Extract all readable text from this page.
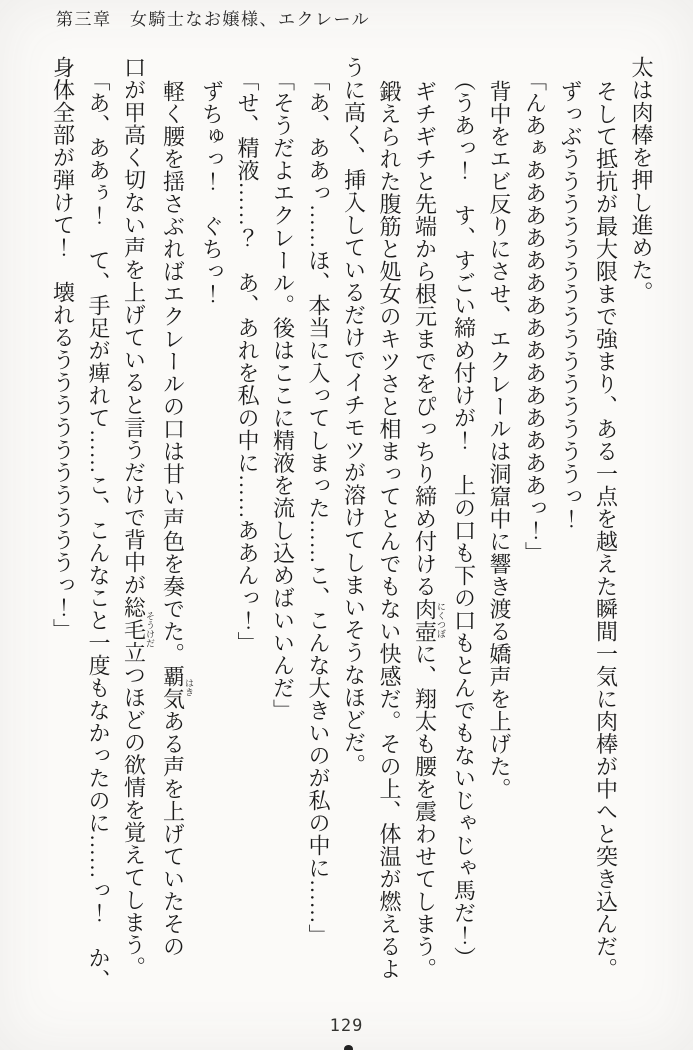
第三章　女騎士なお嬢様、エクレール
太は肉棒を押し進めた。
そして抵抗が最大限まで強まり、ある一点を越えた瞬間一気に肉棒が中へと突き込んだ。
ずっぶうううううううううううううううっ！
「んあぁあああああああああああああああっ！」
背中をエビ反りにさせ、エクレールは洞窟中に響き渡る嬌声を上げた。
（うあっ！　す、すごい締め付けが！　上の口も下の口もとんでもないじゃじゃ馬だ！）
ギチギチと先端から根元までをぴっちり締め付ける肉壺にくつぼに、翔太も腰を震わせてしまう。
鍛えられた腹筋と処女のキツさと相まってとんでもない快感だ。その上、体温が燃えるよ
うに高く、挿入しているだけでイチモツが溶けてしまいそうなほどだ。
「あ、ああっ……ほ、本当に入ってしまった……こ、こんな大きいのが私の中に……」
「そうだよエクレール。後はここに精液を流し込めばいいんだ」
「せ、精液……？　あ、あれを私の中に……ああんっ！」
ずちゅっ！　ぐちっ！
軽く腰を揺さぶればエクレールの口は甘い声色を奏でた。覇気はきある声を上げていたその
口が甲高く切ない声を上げていると言うだけで背中が総毛立そうけだつほどの欲情を覚えてしまう。
「あ、ああぅ！　て、手足が痺れて……こ、こんなこと一度もなかったのに……っ！　か、
身体全部が弾けて！　壊れるううううううううううっ！」
129
